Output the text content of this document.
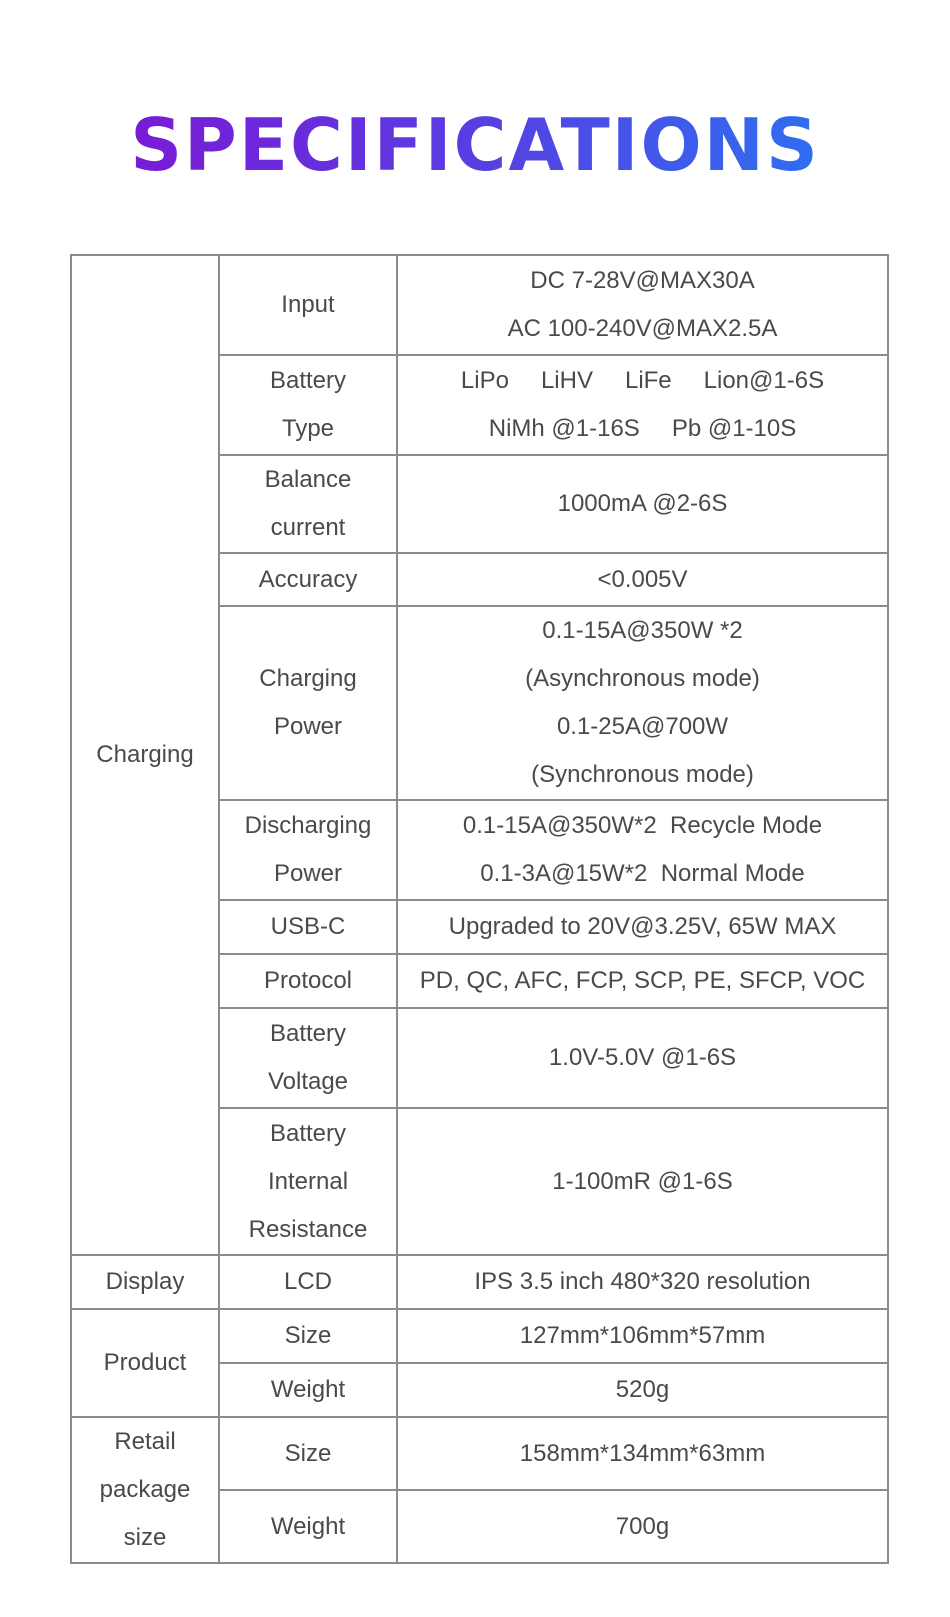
SPECIFICATIONS
Charging	Input	DC 7-28V@MAX30A
AC 100-240V@MAX2.5A

	Battery
Type	LiPo LiHV LiFe Lion@1-6S
NiMh @1-16S Pb @1-10S

	Balance current	1000mA @2-6S
	Accuracy	<0.005V

	Charging
Power	0.1-15A@350W *2
(Asynchronous mode)
0.1-25A@700W
(Synchronous mode)

	Discharging
Power	0.1-15A@350W*2  Recycle Mode
0.1-3A@15W*2  Normal Mode

	USB-C	Upgraded to 20V@3.25V, 65W MAX
	Protocol	PD, QC, AFC, FCP, SCP, PE, SFCP, VOC

	Battery
Voltage	1.0V-5.0V @1-6S

	Battery
Internal
Resistance	1-100mR @1-6S
Display	LCD	IPS 3.5 inch 480*320 resolution
Product	Size	127mm*106mm*57mm
	Weight	520g

Retail
package
size	Size	158mm*134mm*63mm
	Weight	700g
